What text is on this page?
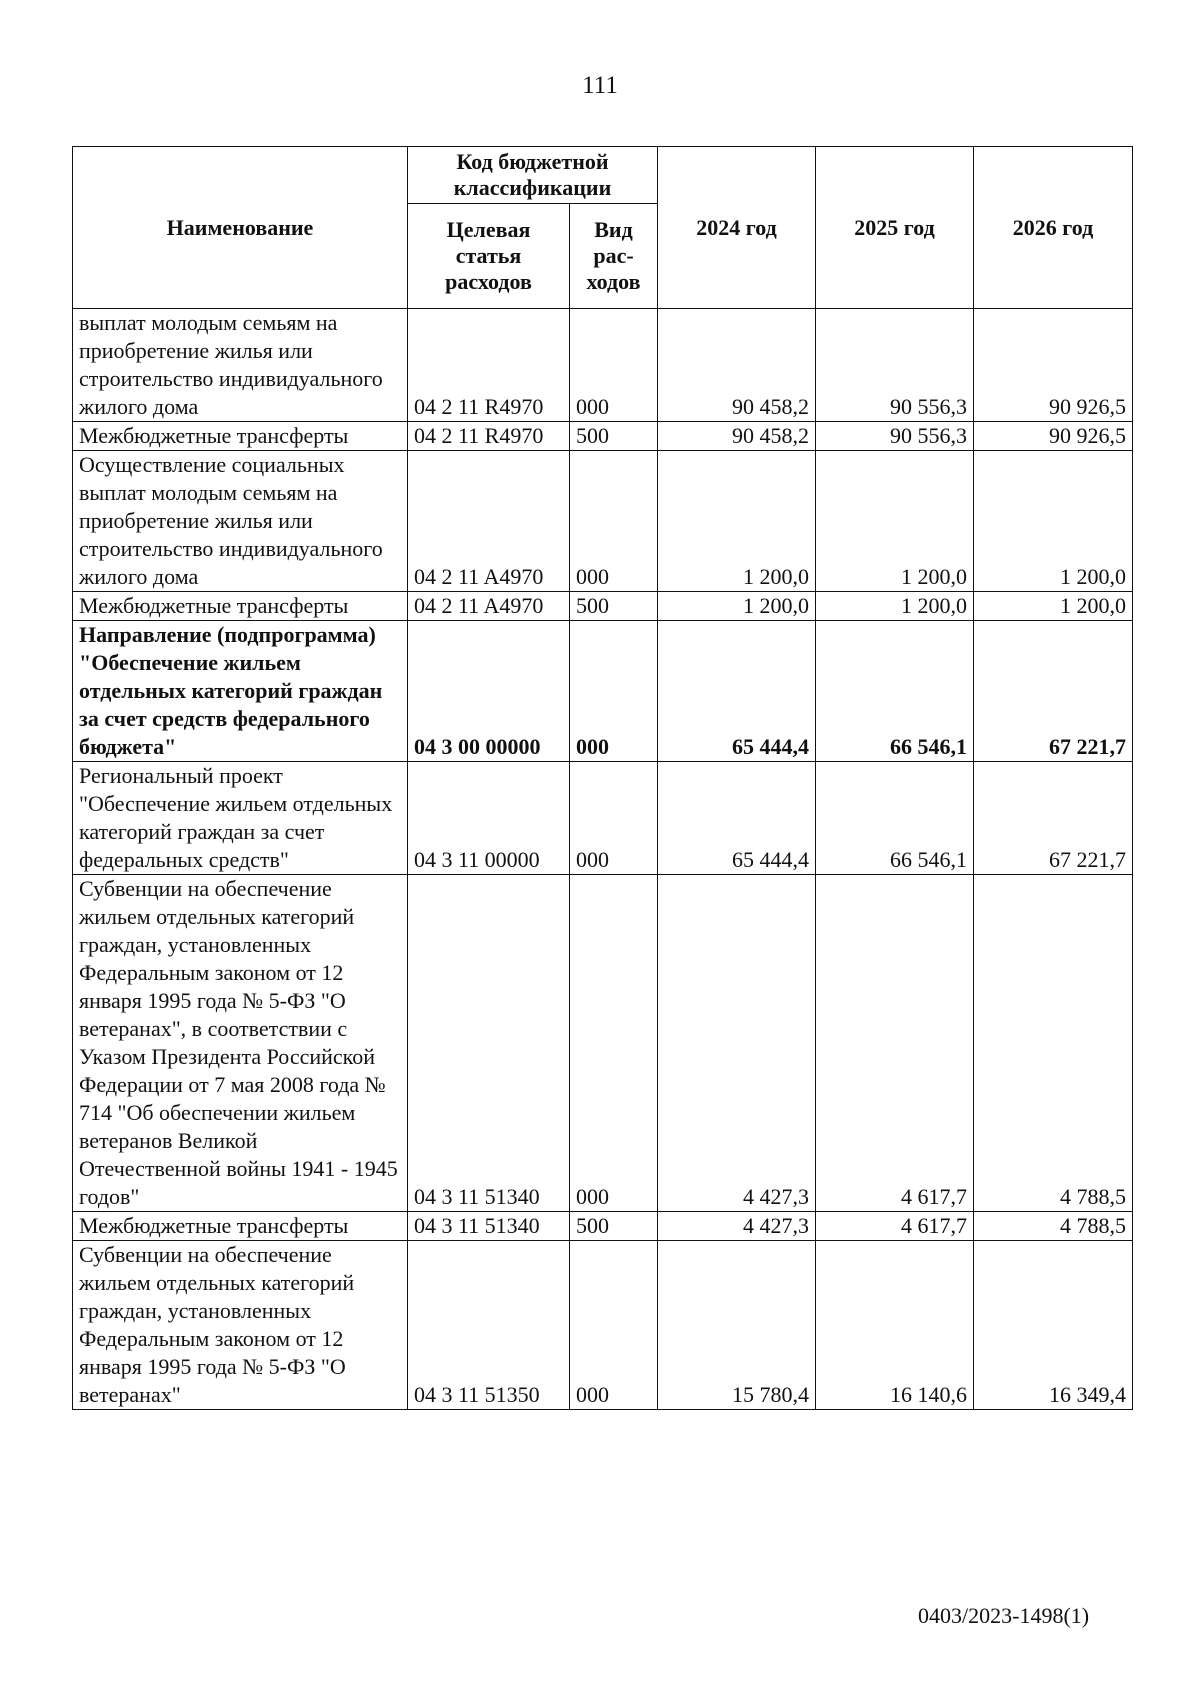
111
Наименование	Код бюджетной классификации		2024 год	2025 год	2026 год
	Целевая статья расходов	Вид рас-ходов			
выплат молодым семьям на приобретение жилья или строительство индивидуального жилого дома	04 2 11 R4970	000	90 458,2	90 556,3	90 926,5
Межбюджетные трансферты	04 2 11 R4970	500	90 458,2	90 556,3	90 926,5
Осуществление социальных выплат молодым семьям на приобретение жилья или строительство индивидуального жилого дома	04 2 11 A4970	000	1 200,0	1 200,0	1 200,0
Межбюджетные трансферты	04 2 11 A4970	500	1 200,0	1 200,0	1 200,0
Направление (подпрограмма) "Обеспечение жильем отдельных категорий граждан за счет средств федерального бюджета"	04 3 00 00000	000	65 444,4	66 546,1	67 221,7
Региональный проект "Обеспечение жильем отдельных категорий граждан за счет федеральных средств"	04 3 11 00000	000	65 444,4	66 546,1	67 221,7
Субвенции на обеспечение жильем отдельных категорий граждан, установленных Федеральным законом от 12 января 1995 года № 5-ФЗ "О ветеранах", в соответствии с Указом Президента Российской Федерации от 7 мая 2008 года № 714 "Об обеспечении жильем ветеранов Великой Отечественной войны 1941 - 1945 годов"	04 3 11 51340	000	4 427,3	4 617,7	4 788,5
Межбюджетные трансферты	04 3 11 51340	500	4 427,3	4 617,7	4 788,5
Субвенции на обеспечение жильем отдельных категорий граждан, установленных Федеральным законом от 12 января 1995 года № 5-ФЗ "О ветеранах"	04 3 11 51350	000	15 780,4	16 140,6	16 349,4
0403/2023-1498(1)
